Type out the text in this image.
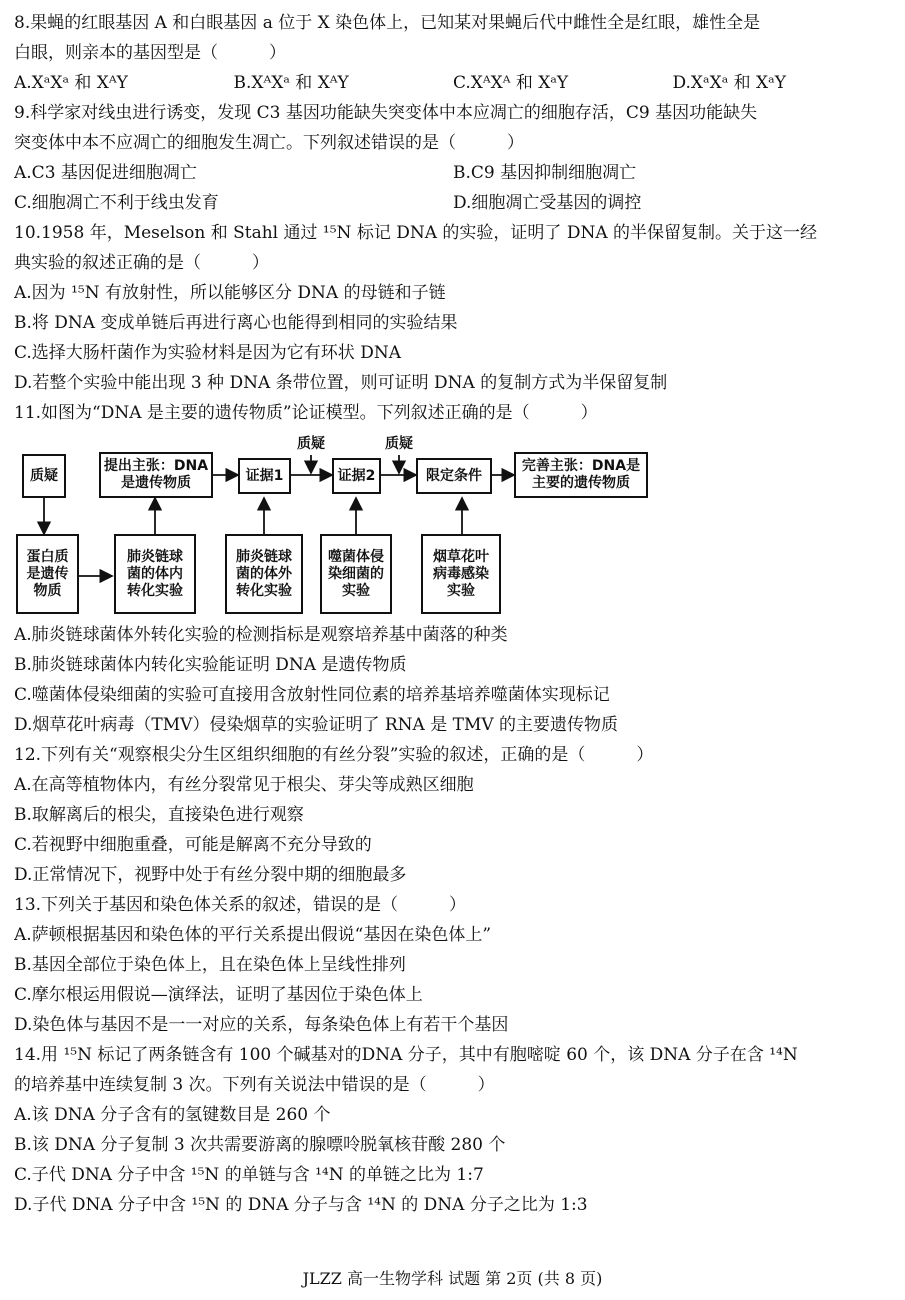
8.果蝇的红眼基因 A 和白眼基因 a 位于 X 染色体上，已知某对果蝇后代中雌性全是红眼，雄性全是
白眼，则亲本的基因型是（　　　）
A.XᵃXᵃ 和 XᴬY	B.XᴬXᵃ 和 XᴬY	C.XᴬXᴬ 和 XᵃY	D.XᵃXᵃ 和 XᵃY
9.科学家对线虫进行诱变，发现 C3 基因功能缺失突变体中本应凋亡的细胞存活，C9 基因功能缺失
突变体中本不应凋亡的细胞发生凋亡。下列叙述错误的是（　　　）
A.C3 基因促进细胞凋亡	B.C9 基因抑制细胞凋亡
C.细胞凋亡不利于线虫发育	D.细胞凋亡受基因的调控
10.1958 年，Meselson 和 Stahl 通过 ¹⁵N 标记 DNA 的实验，证明了 DNA 的半保留复制。关于这一经
典实验的叙述正确的是（　　　）
A.因为 ¹⁵N 有放射性，所以能够区分 DNA 的母链和子链
B.将 DNA 变成单链后再进行离心也能得到相同的实验结果
C.选择大肠杆菌作为实验材料是因为它有环状 DNA
D.若整个实验中能出现 3 种 DNA 条带位置，则可证明 DNA 的复制方式为半保留复制
11.如图为“DNA 是主要的遗传物质”论证模型。下列叙述正确的是（　　　）
质疑	质疑
质疑
提出主张：DNA
是遗传物质	证据1	证据2	限定条件
完善主张：DNA是
主要的遗传物质
蛋白质
是遗传
物质
肺炎链球
菌的体内
转化实验
肺炎链球
菌的体外
转化实验
噬菌体侵
染细菌的
实验
烟草花叶
病毒感染
实验
A.肺炎链球菌体外转化实验的检测指标是观察培养基中菌落的种类
B.肺炎链球菌体内转化实验能证明 DNA 是遗传物质
C.噬菌体侵染细菌的实验可直接用含放射性同位素的培养基培养噬菌体实现标记
D.烟草花叶病毒（TMV）侵染烟草的实验证明了 RNA 是 TMV 的主要遗传物质
12.下列有关“观察根尖分生区组织细胞的有丝分裂”实验的叙述，正确的是（　　　）
A.在高等植物体内，有丝分裂常见于根尖、芽尖等成熟区细胞
B.取解离后的根尖，直接染色进行观察
C.若视野中细胞重叠，可能是解离不充分导致的
D.正常情况下，视野中处于有丝分裂中期的细胞最多
13.下列关于基因和染色体关系的叙述，错误的是（　　　）
A.萨顿根据基因和染色体的平行关系提出假说“基因在染色体上”
B.基因全部位于染色体上，且在染色体上呈线性排列
C.摩尔根运用假说—演绎法，证明了基因位于染色体上
D.染色体与基因不是一一对应的关系，每条染色体上有若干个基因
14.用 ¹⁵N 标记了两条链含有 100 个碱基对的DNA 分子，其中有胞嘧啶 60 个，该 DNA 分子在含 ¹⁴N
的培养基中连续复制 3 次。下列有关说法中错误的是（　　　）
A.该 DNA 分子含有的氢键数目是 260 个
B.该 DNA 分子复制 3 次共需要游离的腺嘌呤脱氧核苷酸 280 个
C.子代 DNA 分子中含 ¹⁵N 的单链与含 ¹⁴N 的单链之比为 1:7
D.子代 DNA 分子中含 ¹⁵N 的 DNA 分子与含 ¹⁴N 的 DNA 分子之比为 1:3
JLZZ 高一生物学科 试题 第 2页 (共 8 页)
